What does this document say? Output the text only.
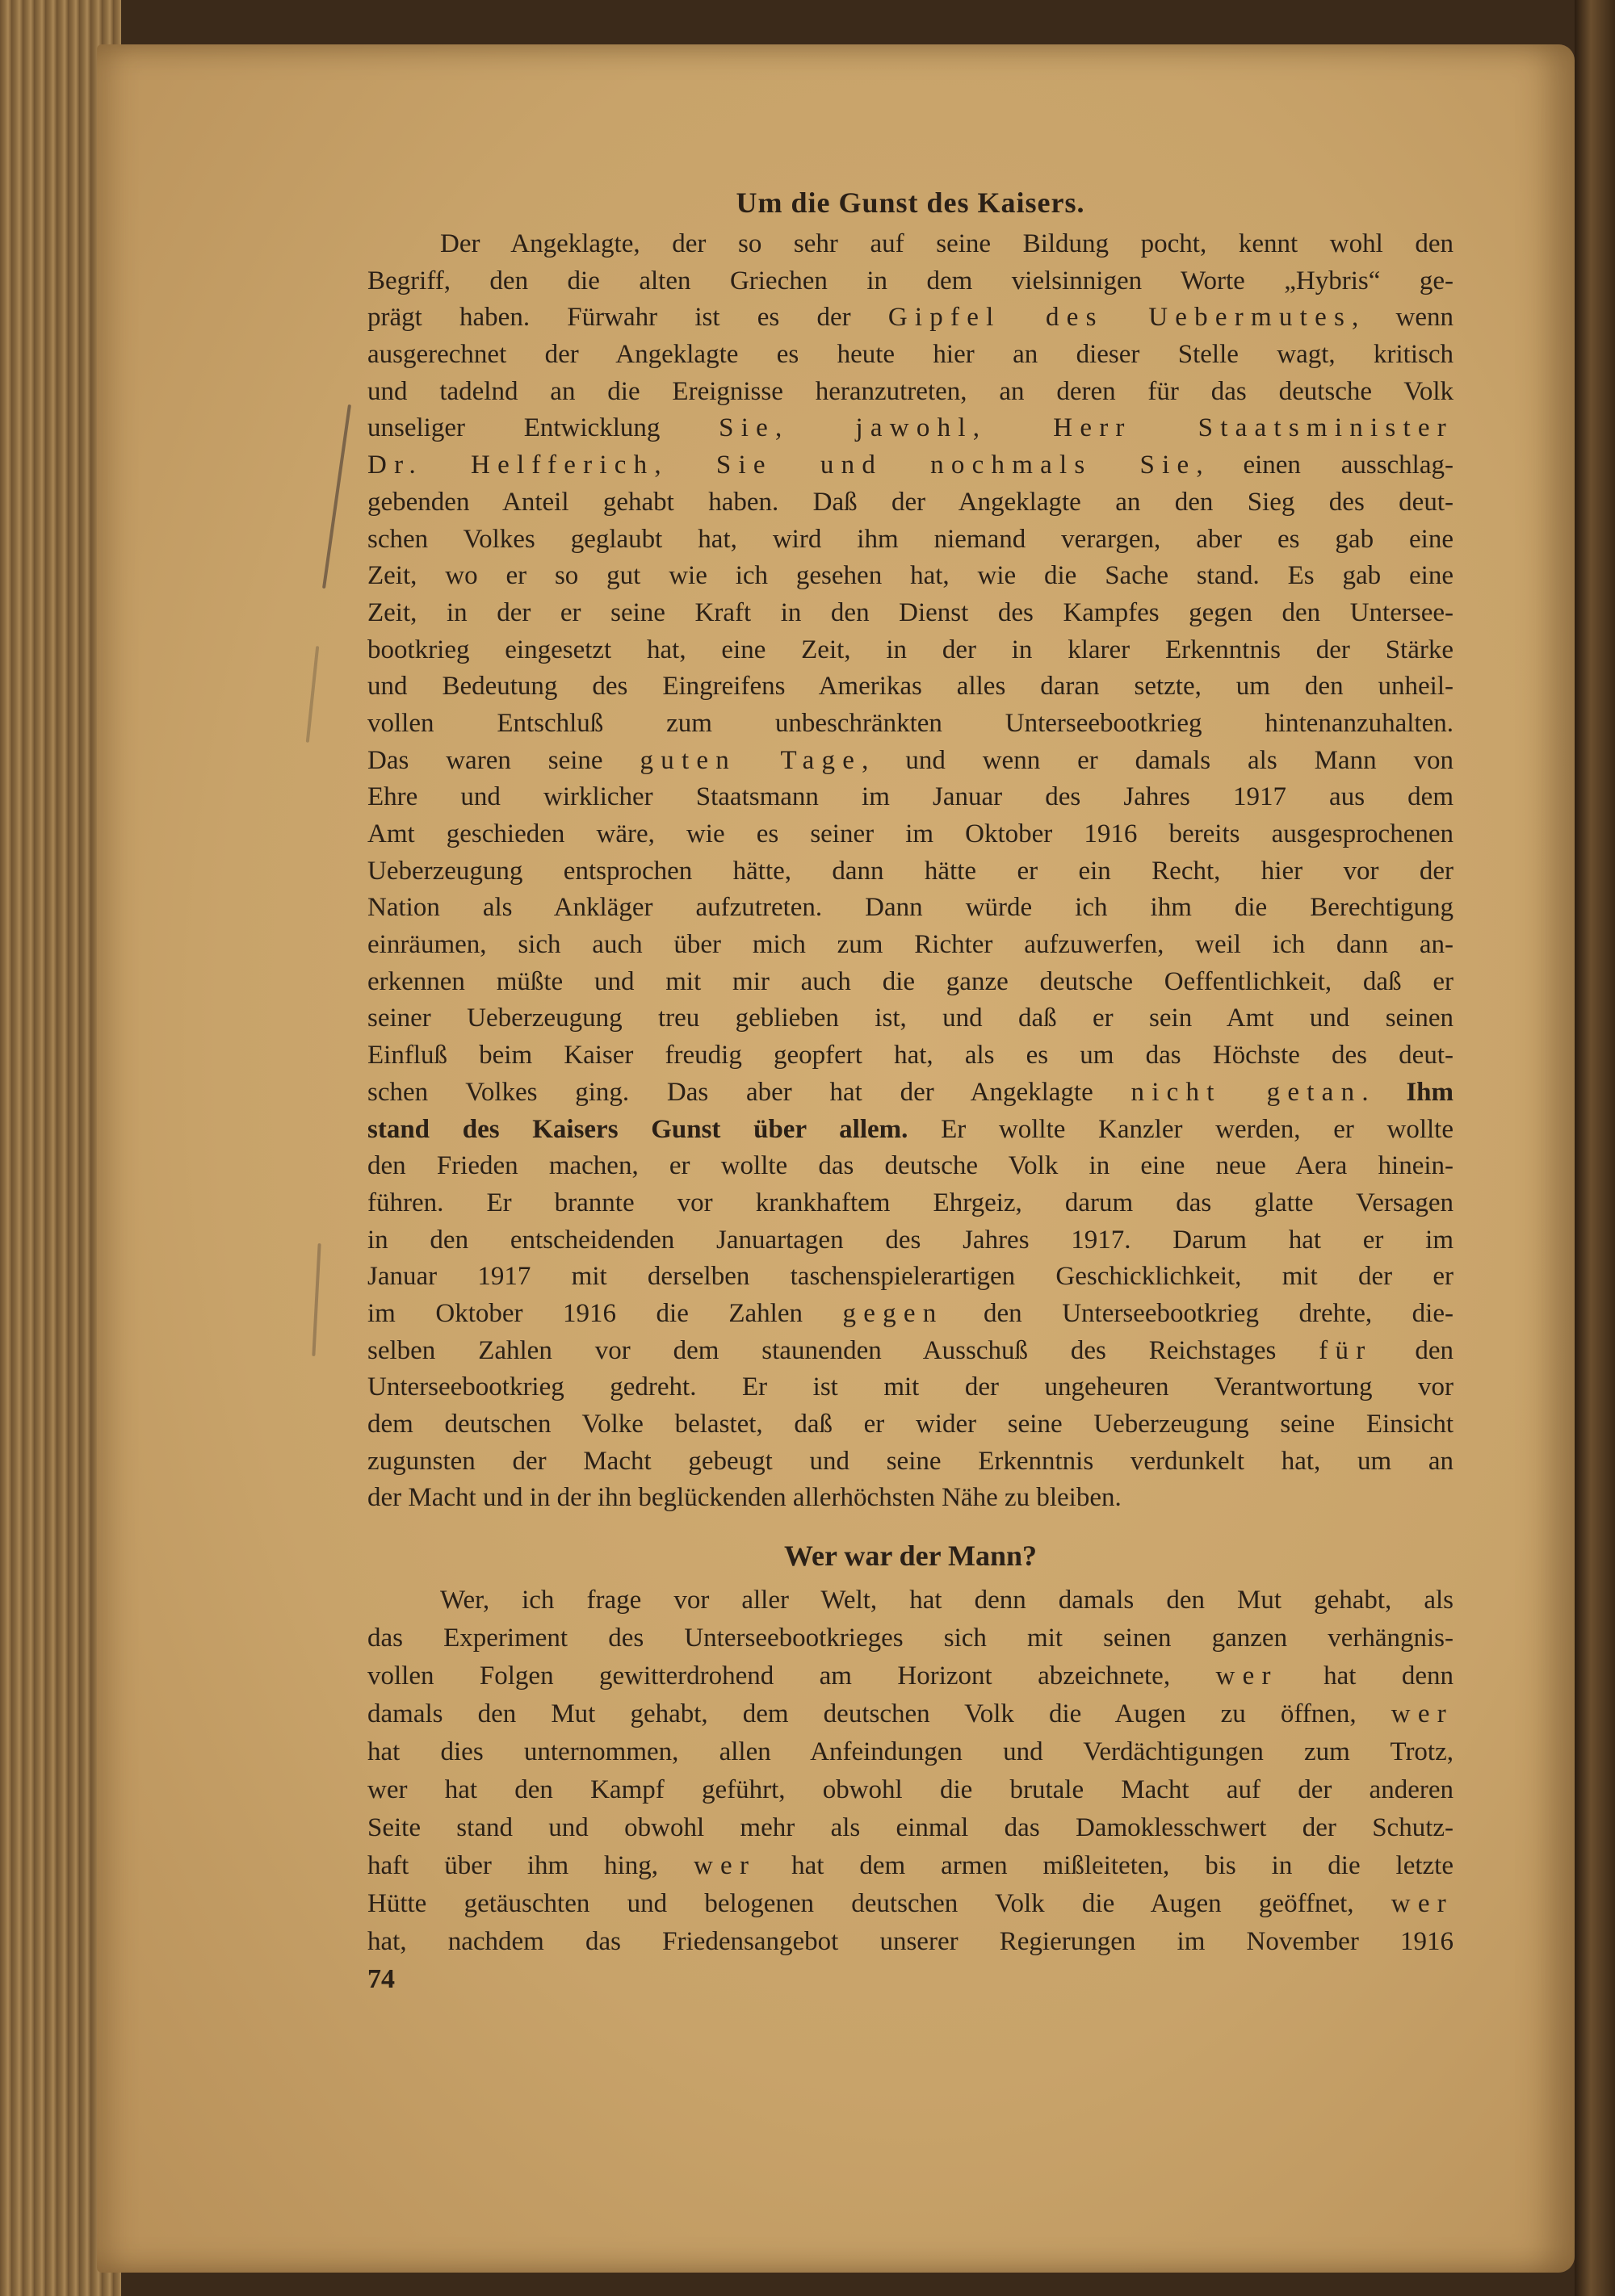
Um die Gunst des Kaisers.
Der Angeklagte, der so sehr auf seine Bildung pocht, kennt wohl den
Begriff, den die alten Griechen in dem vielsinnigen Worte „Hybris“ ge-
prägt haben. Fürwahr ist es der Gipfel des Uebermutes, wenn
ausgerechnet der Angeklagte es heute hier an dieser Stelle wagt, kritisch
und tadelnd an die Ereignisse heranzutreten, an deren für das deutsche Volk
unseliger Entwicklung Sie, jawohl, Herr Staatsminister
Dr. Helfferich, Sie und nochmals Sie, einen ausschlag-
gebenden Anteil gehabt haben. Daß der Angeklagte an den Sieg des deut-
schen Volkes geglaubt hat, wird ihm niemand verargen, aber es gab eine
Zeit, wo er so gut wie ich gesehen hat, wie die Sache stand. Es gab eine
Zeit, in der er seine Kraft in den Dienst des Kampfes gegen den Untersee-
bootkrieg eingesetzt hat, eine Zeit, in der in klarer Erkenntnis der Stärke
und Bedeutung des Eingreifens Amerikas alles daran setzte, um den unheil-
vollen Entschluß zum unbeschränkten Unterseebootkrieg hintenanzuhalten.
Das waren seine guten Tage, und wenn er damals als Mann von
Ehre und wirklicher Staatsmann im Januar des Jahres 1917 aus dem
Amt geschieden wäre, wie es seiner im Oktober 1916 bereits ausgesprochenen
Ueberzeugung entsprochen hätte, dann hätte er ein Recht, hier vor der
Nation als Ankläger aufzutreten. Dann würde ich ihm die Berechtigung
einräumen, sich auch über mich zum Richter aufzuwerfen, weil ich dann an-
erkennen müßte und mit mir auch die ganze deutsche Oeffentlichkeit, daß er
seiner Ueberzeugung treu geblieben ist, und daß er sein Amt und seinen
Einfluß beim Kaiser freudig geopfert hat, als es um das Höchste des deut-
schen Volkes ging. Das aber hat der Angeklagte nicht getan. Ihm
stand des Kaisers Gunst über allem. Er wollte Kanzler werden, er wollte
den Frieden machen, er wollte das deutsche Volk in eine neue Aera hinein-
führen. Er brannte vor krankhaftem Ehrgeiz, darum das glatte Versagen
in den entscheidenden Januartagen des Jahres 1917. Darum hat er im
Januar 1917 mit derselben taschenspielerartigen Geschicklichkeit, mit der er
im Oktober 1916 die Zahlen gegen den Unterseebootkrieg drehte, die-
selben Zahlen vor dem staunenden Ausschuß des Reichstages für den
Unterseebootkrieg gedreht. Er ist mit der ungeheuren Verantwortung vor
dem deutschen Volke belastet, daß er wider seine Ueberzeugung seine Einsicht
zugunsten der Macht gebeugt und seine Erkenntnis verdunkelt hat, um an
der Macht und in der ihn beglückenden allerhöchsten Nähe zu bleiben.
Wer war der Mann?
Wer, ich frage vor aller Welt, hat denn damals den Mut gehabt, als
das Experiment des Unterseebootkrieges sich mit seinen ganzen verhängnis-
vollen Folgen gewitterdrohend am Horizont abzeichnete, wer hat denn
damals den Mut gehabt, dem deutschen Volk die Augen zu öffnen, wer
hat dies unternommen, allen Anfeindungen und Verdächtigungen zum Trotz,
wer hat den Kampf geführt, obwohl die brutale Macht auf der anderen
Seite stand und obwohl mehr als einmal das Damoklesschwert der Schutz-
haft über ihm hing, wer hat dem armen mißleiteten, bis in die letzte
Hütte getäuschten und belogenen deutschen Volk die Augen geöffnet, wer
hat, nachdem das Friedensangebot unserer Regierungen im November 1916
74
